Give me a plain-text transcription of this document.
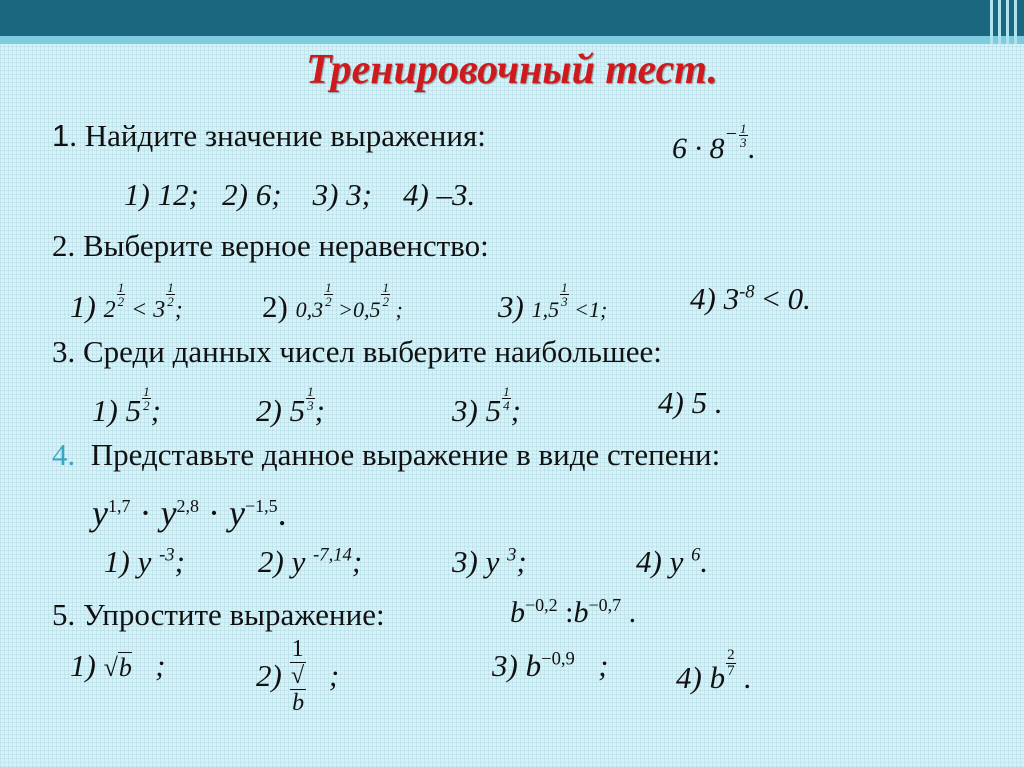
Тренировочный тест.
1. Найдите значение выражения:	$6 \cdot 8^- \frac{1}{3}$ .
1) 12; 2) 6; 3) 3; 4) –3.
2. Выберите верное неравенство:
1) 2
$\frac{1}{2}$
< 3
$\frac{1}{2}$
;	2) 0,3
$\frac{1}{2}$
>0,5
$\frac{1}{2}$
;	3) 1,5
$\frac{1}{3}$
<1;	4) $3^{-8} < 0$.
3. Среди данных чисел выберите наибольшее:
1) $5 \frac{1}{2}$ ;	2) $5 \frac{1}{3}$ ;	3) $5 \frac{1}{4}$ ;	4) 5 .
4. Представьте данное выражение в виде степени:
$y^{1,7} \cdot y^{2,8} \cdot y^{-1,5}$.
1) y $^{-3}$; 2) y $^{-7,14}$;	3) y $^3$;	4) y $^6$.
5. Упростите выражение:	$b^{-0,2}$ $:b^{-0,7}$ .
1) √b ;	2) 1
√
b ;	3) $b^{-0,9}$ ; 4) b $\frac{2}{7}$ .
